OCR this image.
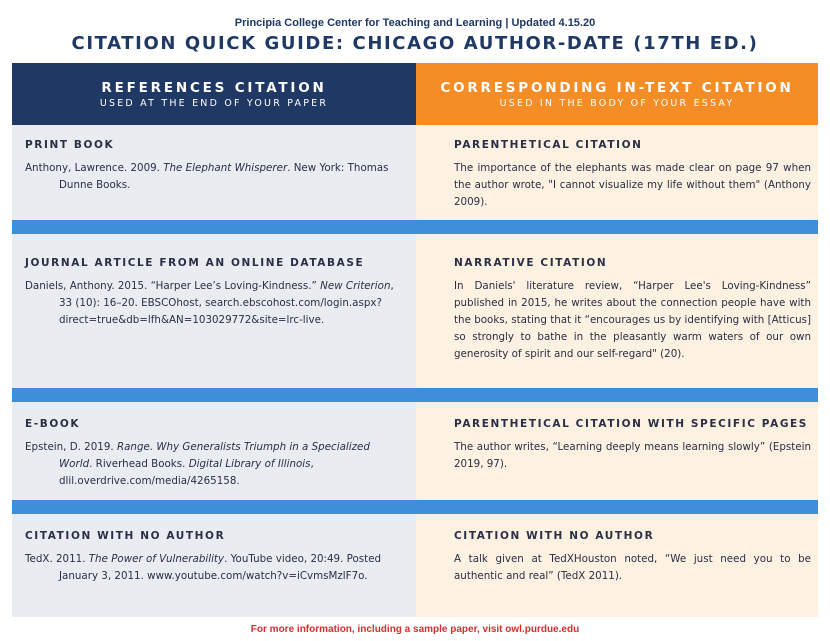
Principia College Center for Teaching and Learning | Updated 4.15.20
CITATION QUICK GUIDE: CHICAGO AUTHOR-DATE (17TH ED.)
REFERENCES CITATION
USED AT THE END OF YOUR PAPER
CORRESPONDING IN-TEXT CITATION
USED IN THE BODY OF YOUR ESSAY
PRINT BOOK
Anthony, Lawrence. 2009. The Elephant Whisperer. New York: Thomas Dunne Books.
PARENTHETICAL CITATION
The importance of the elephants was made clear on page 97 when the author wrote, "I cannot visualize my life without them" (Anthony 2009).
JOURNAL ARTICLE FROM AN ONLINE DATABASE
Daniels, Anthony. 2015. “Harper Lee’s Loving-Kindness.” New Criterion, 33 (10): 16–20. EBSCOhost, search.ebscohost.com/login.aspx?direct=true&db=lfh&AN=103029772&site=lrc-live.
NARRATIVE CITATION
In Daniels' literature review, “Harper Lee's Loving-Kindness” published in 2015, he writes about the connection people have with the books, stating that it “encourages us by identifying with [Atticus] so strongly to bathe in the pleasantly warm waters of our own generosity of spirit and our self-regard" (20).
E-BOOK
Epstein, D. 2019. Range. Why Generalists Triumph in a Specialized World. Riverhead Books. Digital Library of Illinois, dlil.overdrive.com/media/4265158.
PARENTHETICAL CITATION WITH SPECIFIC PAGES
The author writes, “Learning deeply means learning slowly” (Epstein 2019, 97).
CITATION WITH NO AUTHOR
TedX. 2011. The Power of Vulnerability. YouTube video, 20:49. Posted January 3, 2011. www.youtube.com/watch?v=iCvmsMzlF7o.
CITATION WITH NO AUTHOR
A talk given at TedXHouston noted, “We just need you to be authentic and real” (TedX 2011).
For more information, including a sample paper, visit owl.purdue.edu
